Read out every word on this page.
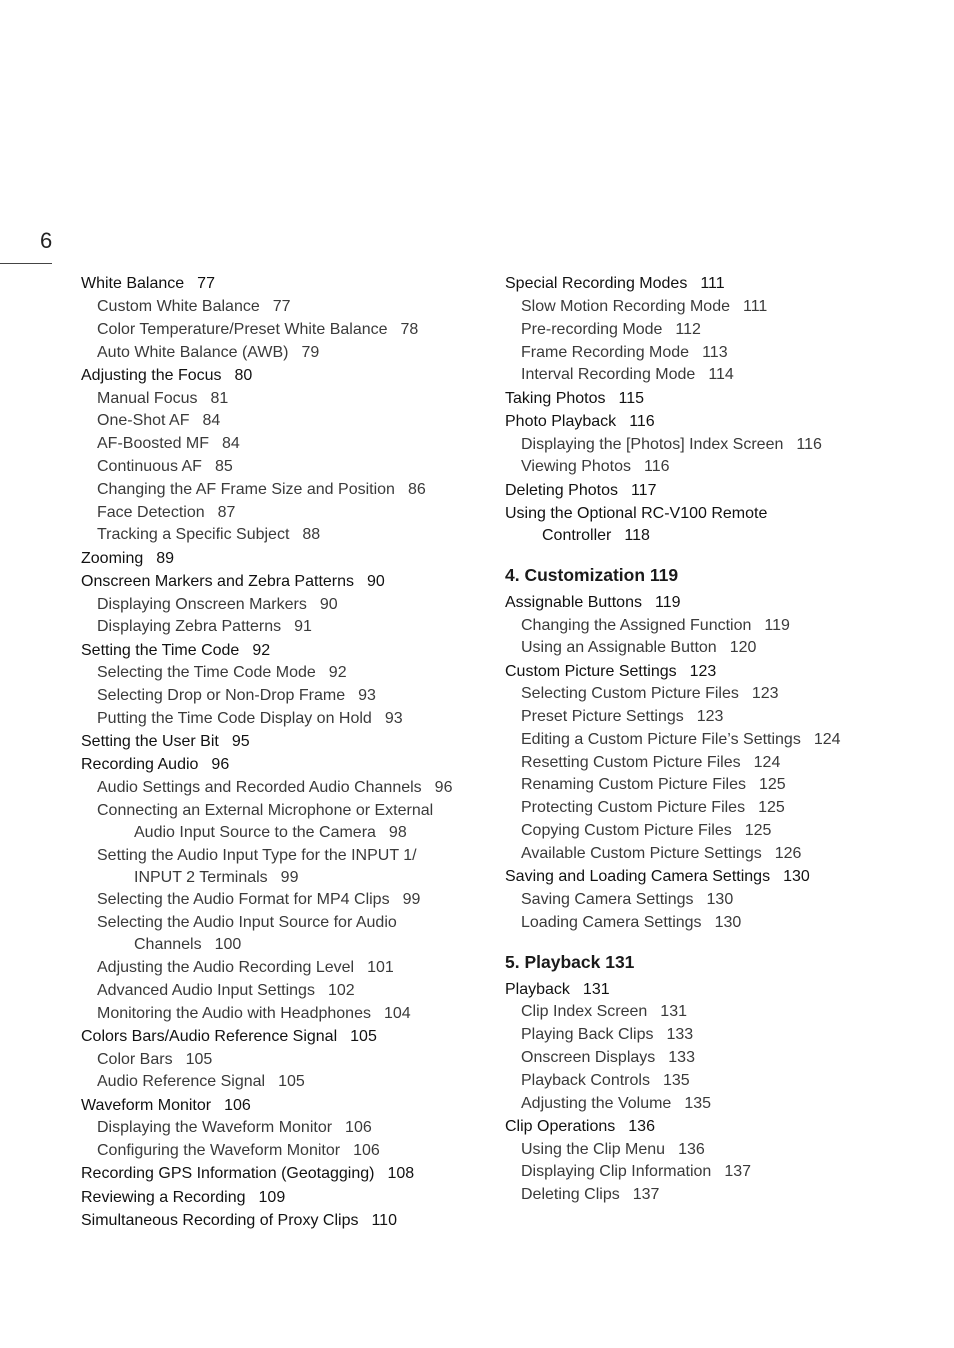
6
White Balance 77
Custom White Balance 77
Color Temperature/Preset White Balance 78
Auto White Balance (AWB) 79
Adjusting the Focus 80
Manual Focus 81
One-Shot AF 84
AF-Boosted MF 84
Continuous AF 85
Changing the AF Frame Size and Position 86
Face Detection 87
Tracking a Specific Subject 88
Zooming 89
Onscreen Markers and Zebra Patterns 90
Displaying Onscreen Markers 90
Displaying Zebra Patterns 91
Setting the Time Code 92
Selecting the Time Code Mode 92
Selecting Drop or Non-Drop Frame 93
Putting the Time Code Display on Hold 93
Setting the User Bit 95
Recording Audio 96
Audio Settings and Recorded Audio Channels 96
Connecting an External Microphone or External
Audio Input Source to the Camera 98
Setting the Audio Input Type for the INPUT 1/
INPUT 2 Terminals 99
Selecting the Audio Format for MP4 Clips 99
Selecting the Audio Input Source for Audio
Channels 100
Adjusting the Audio Recording Level 101
Advanced Audio Input Settings 102
Monitoring the Audio with Headphones 104
Colors Bars/Audio Reference Signal 105
Color Bars 105
Audio Reference Signal 105
Waveform Monitor 106
Displaying the Waveform Monitor 106
Configuring the Waveform Monitor 106
Recording GPS Information (Geotagging) 108
Reviewing a Recording 109
Simultaneous Recording of Proxy Clips 110
Special Recording Modes 111
Slow Motion Recording Mode 111
Pre-recording Mode 112
Frame Recording Mode 113
Interval Recording Mode 114
Taking Photos 115
Photo Playback 116
Displaying the [Photos] Index Screen 116
Viewing Photos 116
Deleting Photos 117
Using the Optional RC-V100 Remote
Controller 118
4. Customization 119
Assignable Buttons 119
Changing the Assigned Function 119
Using an Assignable Button 120
Custom Picture Settings 123
Selecting Custom Picture Files 123
Preset Picture Settings 123
Editing a Custom Picture File’s Settings 124
Resetting Custom Picture Files 124
Renaming Custom Picture Files 125
Protecting Custom Picture Files 125
Copying Custom Picture Files 125
Available Custom Picture Settings 126
Saving and Loading Camera Settings 130
Saving Camera Settings 130
Loading Camera Settings 130
5. Playback 131
Playback 131
Clip Index Screen 131
Playing Back Clips 133
Onscreen Displays 133
Playback Controls 135
Adjusting the Volume 135
Clip Operations 136
Using the Clip Menu 136
Displaying Clip Information 137
Deleting Clips 137
